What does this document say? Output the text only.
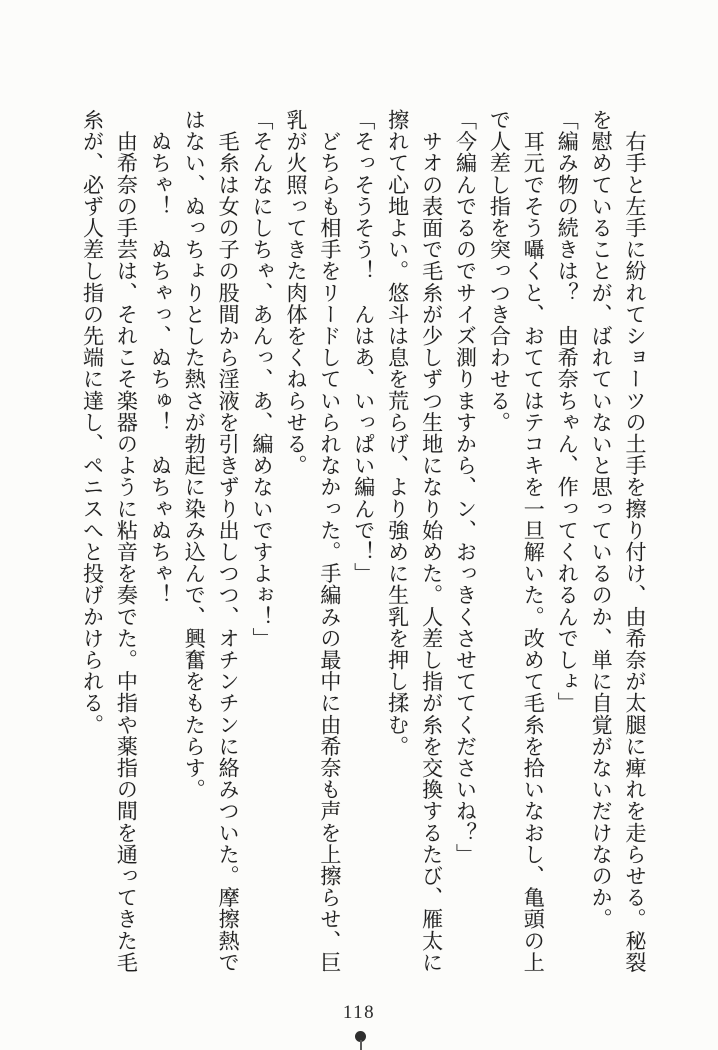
　右手と左手に紛れてショーツの土手を擦り付け、由希奈が太腿に痺れを走らせる。秘裂

を慰めていることが、ばれていないと思っているのか、単に自覚がないだけなのか。

「編み物の続きは？　由希奈ちゃん、作ってくれるんでしょ」

　耳元でそう囁くと、おててはテコキを一旦解いた。改めて毛糸を拾いなおし、亀頭の上

で人差し指を突っつき合わせる。

「今編んでるのでサイズ測りますから、ン、おっきくさせててくださいね？」

　サオの表面で毛糸が少しずつ生地になり始めた。人差し指が糸を交換するたび、雁太に

擦れて心地よい。悠斗は息を荒らげ、より強めに生乳を押し揉む。

「そっそうそう！　んはあ、いっぱい編んで！」

　どちらも相手をリードしていられなかった。手編みの最中に由希奈も声を上擦らせ、巨

乳が火照ってきた肉体をくねらせる。

「そんなにしちゃ、あんっ、あ、編めないですよぉ！」

　毛糸は女の子の股間から淫液を引きずり出しつつ、オチンチンに絡みついた。摩擦熱で

はない、ぬっちょりとした熱さが勃起に染み込んで、興奮をもたらす。

　ぬちゃ！　ぬちゃっ、ぬちゅ！　ぬちゃぬちゃ！

　由希奈の手芸は、それこそ楽器のように粘音を奏でた。中指や薬指の間を通ってきた毛

糸が、必ず人差し指の先端に達し、ペニスへと投げかけられる。

118
